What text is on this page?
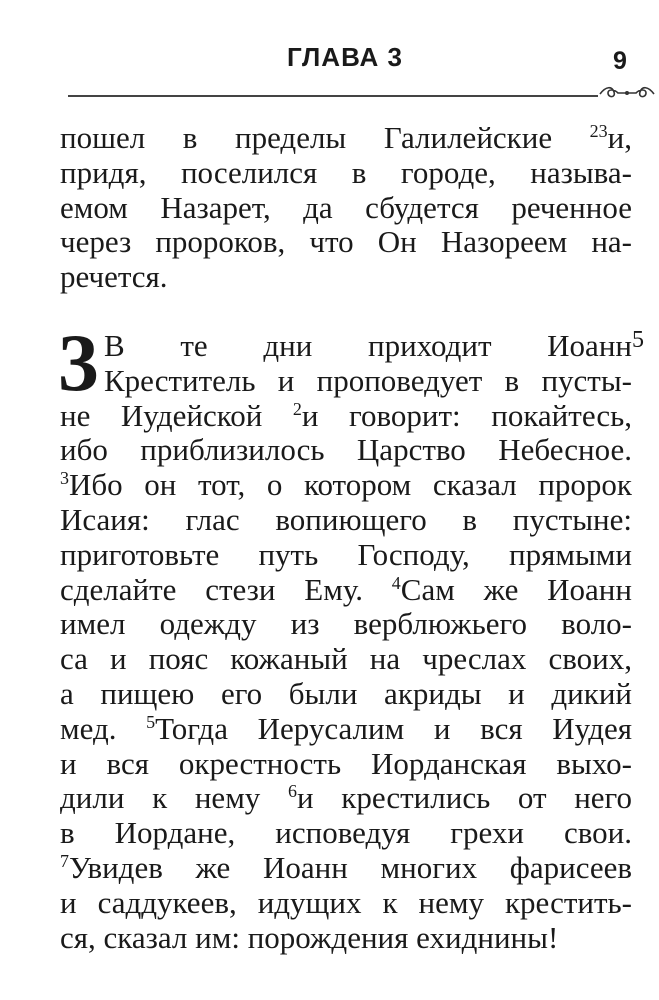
ГЛАВА 3	9
пошел в пределы Галилейские $^{23}$и,
придя, поселился в городе, называ-
емом Назарет, да сбудется реченное
через пророков, что Он Назореем на-
речется.
3	5
В те дни приходит Иоанн
Креститель и проповедует в пусты-
не Иудейской $^2$и говорит: покайтесь,
ибо приблизилось Царство Небесное.
$^3$Ибо он тот, о котором сказал пророк
Исаия: глас вопиющего в пустыне:
приготовьте путь Господу, прямыми
сделайте стези Ему. $^4$Сам же Иоанн
имел одежду из верблюжьего воло-
са и пояс кожаный на чреслах своих,
а пищею его были акриды и дикий
мед. $^5$Тогда Иерусалим и вся Иудея
и вся окрестность Иорданская выхо-
дили к нему $^6$и крестились от него
в Иордане, исповедуя грехи свои.
$^7$Увидев же Иоанн многих фарисеев
и саддукеев, идущих к нему крестить-
ся, сказал им: порождения ехиднины!
